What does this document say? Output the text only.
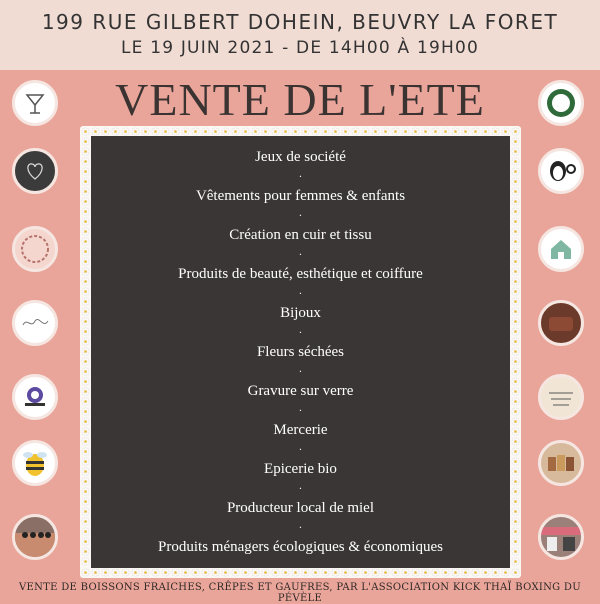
199 RUE GILBERT DOHEIN, BEUVRY LA FORET
LE 19 JUIN 2021 - DE 14H00 À 19H00
VENTE DE L'ETE
Jeux de société
Vêtements pour femmes & enfants
Création en cuir et tissu
Produits de beauté, esthétique et coiffure
Bijoux
Fleurs séchées
Gravure sur verre
Mercerie
Epicerie bio
Producteur local de miel
Produits ménagers écologiques & économiques
.
.
.
.
.
.
.
.
.
.
VENTE DE BOISSONS FRAICHES, CRÊPES ET GAUFRES, PAR L'ASSOCIATION KICK THAÏ BOXING DU PÉVÈLE
